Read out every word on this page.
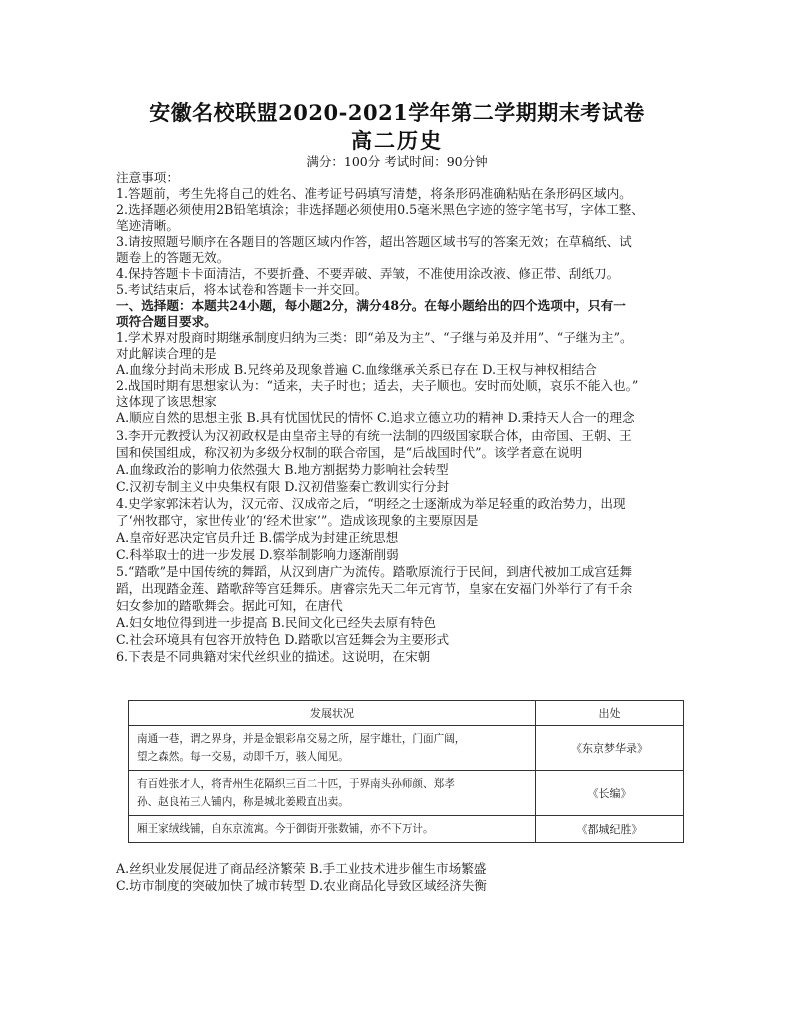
安徽名校联盟2020-2021学年第二学期期末考试卷
高二历史
满分：100分 考试时间：90分钟
注意事项：
1.答题前，考生先将自己的姓名、准考证号码填写清楚，将条形码准确粘贴在条形码区域内。
2.选择题必须使用2B铅笔填涂；非选择题必须使用0.5毫米黑色字迹的签字笔书写，字体工整、
笔迹清晰。
3.请按照题号顺序在各题目的答题区域内作答，超出答题区域书写的答案无效；在草稿纸、试
题卷上的答题无效。
4.保持答题卡卡面清洁，不要折叠、不要弄破、弄皱，不准使用涂改液、修正带、刮纸刀。
5.考试结束后，将本试卷和答题卡一并交回。
一、选择题：本题共24小题，每小题2分，满分48分。在每小题给出的四个选项中，只有一
项符合题目要求。
1.学术界对殷商时期继承制度归纳为三类：即“弟及为主”、“子继与弟及并用”、“子继为主”。
对此解读合理的是
A.血缘分封尚未形成 B.兄终弟及现象普遍 C.血缘继承关系已存在 D.王权与神权相结合
2.战国时期有思想家认为：“适来，夫子时也；适去，夫子顺也。安时而处顺，哀乐不能入也。”
这体现了该思想家
A.顺应自然的思想主张 B.具有忧国忧民的情怀 C.追求立德立功的精神 D.秉持天人合一的理念
3.李开元教授认为汉初政权是由皇帝主导的有统一法制的四级国家联合体，由帝国、王朝、王
国和侯国组成，称汉初为多级分权制的联合帝国，是“后战国时代”。该学者意在说明
A.血缘政治的影响力依然强大 B.地方割据势力影响社会转型
C.汉初专制主义中央集权有限 D.汉初借鉴秦亡教训实行分封
4.史学家郭沫若认为，汉元帝、汉成帝之后，“明经之士逐渐成为举足轻重的政治势力，出现
了‘州牧郡守，家世传业’的‘经术世家’”。造成该现象的主要原因是
A.皇帝好恶决定官员升迁 B.儒学成为封建正统思想
C.科举取士的进一步发展 D.察举制影响力逐渐削弱
5.“踏歌”是中国传统的舞蹈，从汉到唐广为流传。踏歌原流行于民间，到唐代被加工成宫廷舞
蹈，出现踏金莲、踏歌辞等宫廷舞乐。唐睿宗先天二年元宵节，皇家在安福门外举行了有千余
妇女参加的踏歌舞会。据此可知，在唐代
A.妇女地位得到进一步提高 B.民间文化已经失去原有特色
C.社会环境具有包容开放特色 D.踏歌以宫廷舞会为主要形式
6.下表是不同典籍对宋代丝织业的描述。这说明，在宋朝
发展状况	出处

南通一巷，谓之界身，并是金银彩帛交易之所，屋宇雄壮，门面广阔，
望之森然。每一交易，动即千万，骇人闻见。	《东京梦华录》

有百姓张才人，将青州生花隔织三百二十匹，于界南头孙师颜、郑孝
孙、赵良祐三人铺内，称是城北姜殿直出卖。	《长编》

厢王家绒线铺，自东京流寓。今于御街开张数铺，亦不下万计。	《都城纪胜》
A.丝织业发展促进了商品经济繁荣 B.手工业技术进步催生市场繁盛
C.坊市制度的突破加快了城市转型 D.农业商品化导致区域经济失衡
